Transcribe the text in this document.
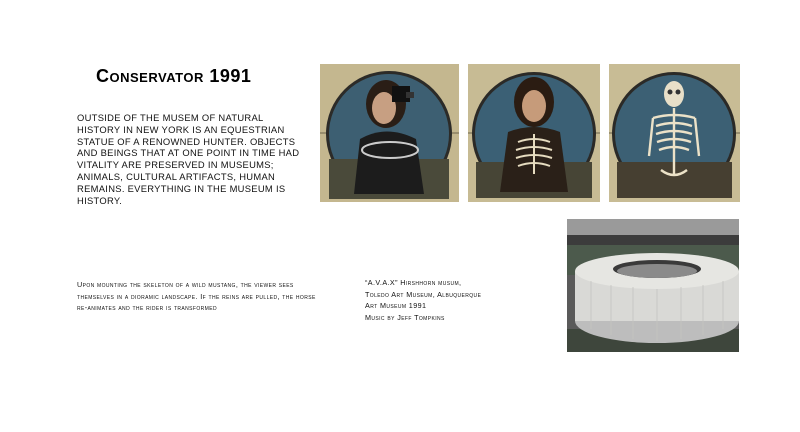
Conservator 1991
OUTSIDE OF THE MUSEM OF NATURAL HISTORY IN NEW YORK IS AN EQUESTRIAN STATUE OF A RENOWNED HUNTER. OBJECTS AND BEINGS THAT AT ONE POINT IN TIME HAD VITALITY ARE PRESERVED IN MUSEUMS; ANIMALS, CULTURAL ARTIFACTS, HUMAN REMAINS. EVERYTHING IN THE MUSEUM IS HISTORY.
Upon mounting the skeleton of a wild mustang, the viewer sees themselves in a dioramic landscape. If the reins are pulled, the horse re-animates and the rider is transformed
“A.V.A.X” Hirshhorn musum,
Toledo Art Museum, Albuquerque
Art Museum 1991
Music by Jeff Tompkins
